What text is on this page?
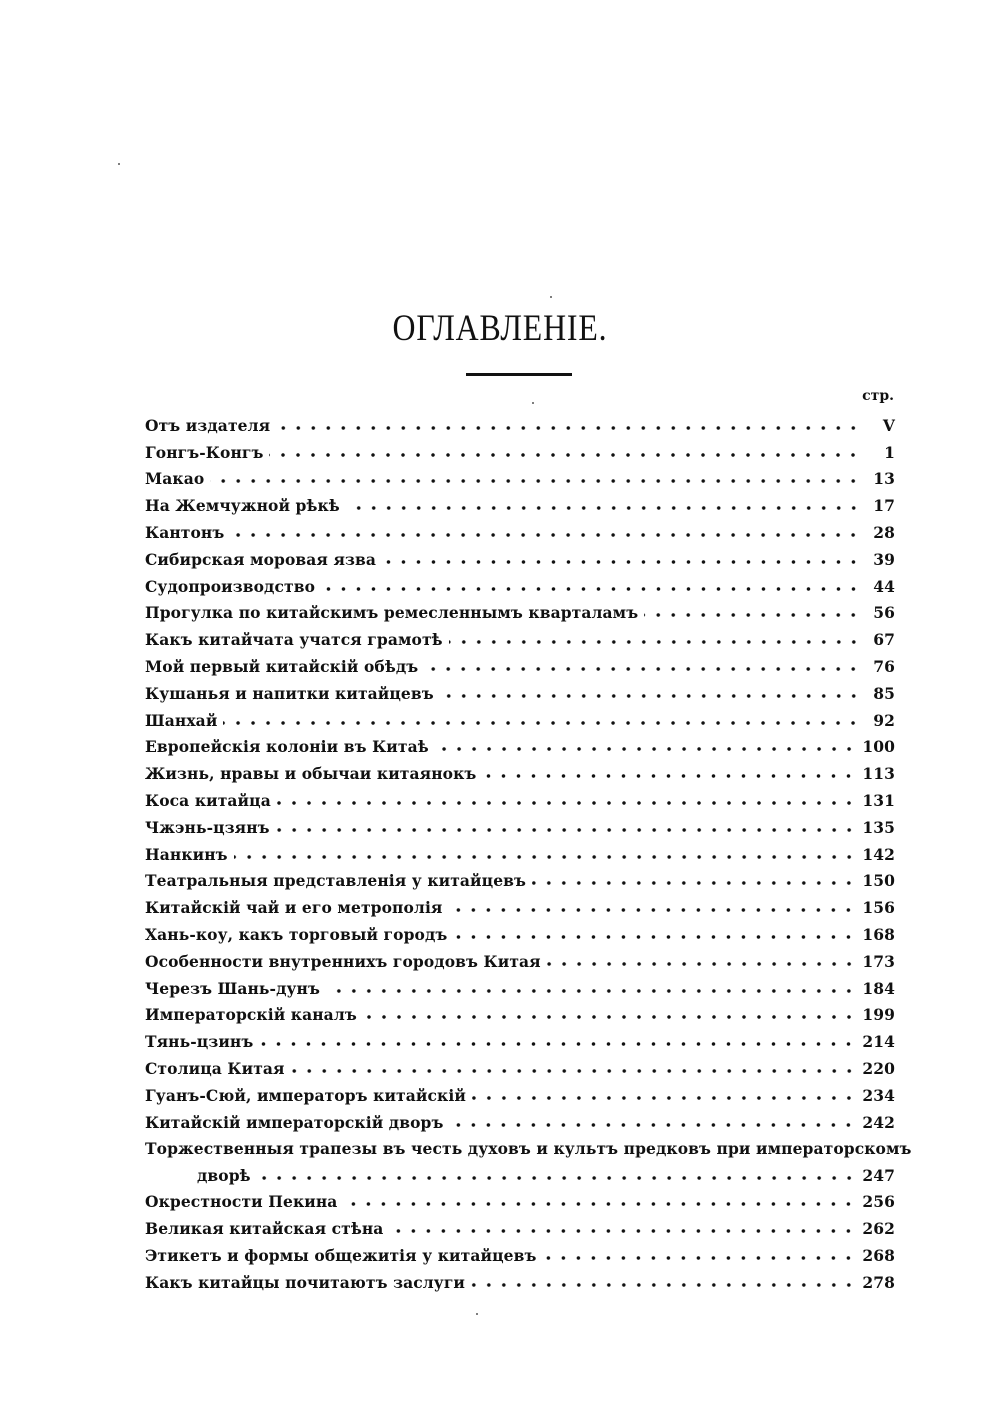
ОГЛАВЛЕНІЕ.
стр.
Отъ издателя	V
Гонгъ-Конгъ	1
Макао	13
На Жемчужной рѣкѣ	17
Кантонъ	28
Сибирская моровая язва	39
Судопроизводство	44
Прогулка по китайскимъ ремесленнымъ кварталамъ	56
Какъ китайчата учатся грамотѣ	67
Мой первый китайскій обѣдъ	76
Кушанья и напитки китайцевъ	85
Шанхай	92
Европейскія колоніи въ Китаѣ	100
Жизнь, нравы и обычаи китаянокъ	113
Коса китайца	131
Чжэнь-цзянъ	135
Нанкинъ	142
Театральныя представленія у китайцевъ	150
Китайскій чай и его метрополія	156
Хань-коу, какъ торговый городъ	168
Особенности внутреннихъ городовъ Китая	173
Черезъ Шань-дунъ	184
Императорскій каналъ	199
Тянь-цзинъ	214
Столица Китая	220
Гуанъ-Сюй, императоръ китайскій	234
Китайскій императорскій дворъ	242
Торжественныя трапезы въ честь духовъ и культъ предковъ при императорскомъ
дворѣ	247
Окрестности Пекина	256
Великая китайская стѣна	262
Этикетъ и формы общежитія у китайцевъ	268
Какъ китайцы почитаютъ заслуги	278
